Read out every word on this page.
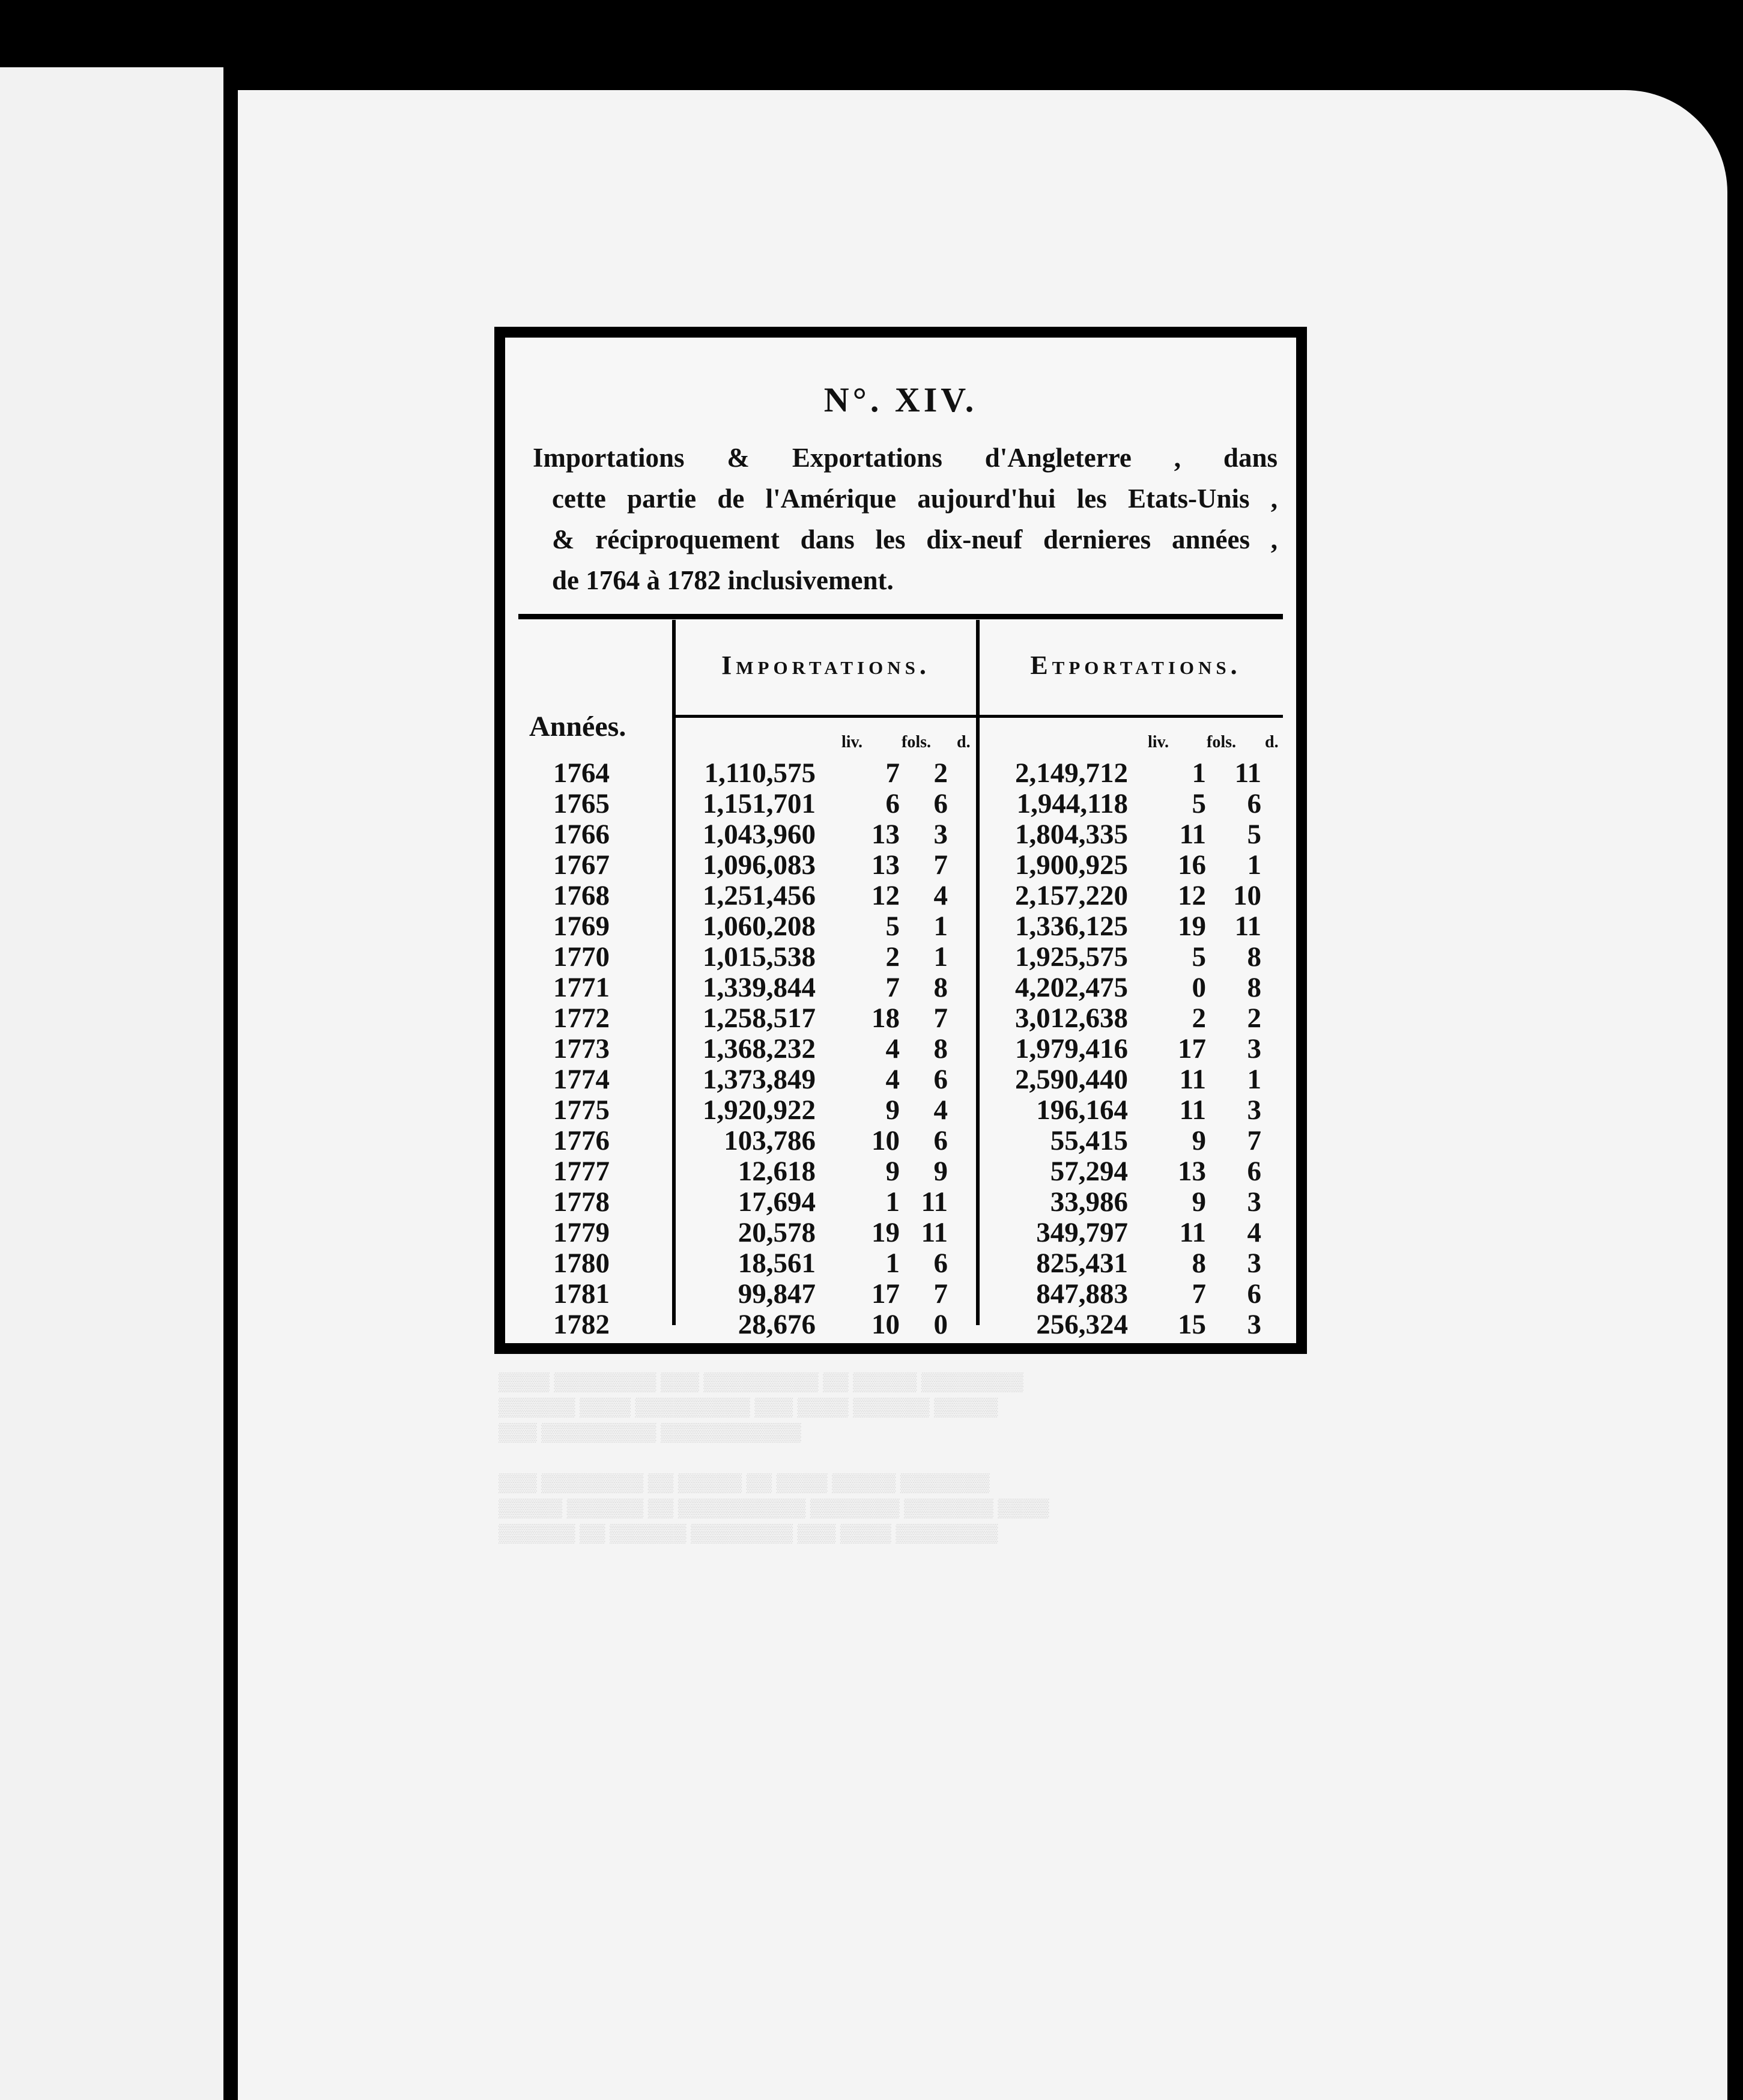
▒▒▒▒ ▒▒▒▒▒▒▒▒ ▒▒▒ ▒▒▒▒▒▒▒▒▒ ▒▒ ▒▒▒▒▒ ▒▒▒▒▒▒▒▒
▒▒▒▒▒▒ ▒▒▒▒ ▒▒▒▒▒▒▒▒▒ ▒▒▒ ▒▒▒▒ ▒▒▒▒▒▒ ▒▒▒▒▒
▒▒▒ ▒▒▒▒▒▒▒▒▒ ▒▒▒▒▒▒▒▒▒▒▒

▒▒▒ ▒▒▒▒▒▒▒▒ ▒▒ ▒▒▒▒▒ ▒▒ ▒▒▒▒ ▒▒▒▒▒ ▒▒▒▒▒▒▒
▒▒▒▒▒ ▒▒▒▒▒▒ ▒▒ ▒▒▒▒▒▒▒▒▒▒ ▒▒▒▒▒▒▒ ▒▒▒▒▒▒▒ ▒▒▒▒
▒▒▒▒▒▒ ▒▒ ▒▒▒▒▒▒ ▒▒▒▒▒▒▒▒ ▒▒▒ ▒▒▒▒ ▒▒▒▒▒▒▒▒
N°. XIV.
Importations & Exportations d'Angleterre , dans
cette partie de l'Amérique aujourd'hui les Etats-Unis ,
& réciproquement dans les dix-neuf dernieres années ,
de 1764 à 1782 inclusivement.
Importations.	Etportations.
Années.	liv. fols. d.	liv. fols. d.
1764	1,110,575 7 2 2,149,712 1 11
1765	1,151,701 6 6 1,944,118 5 6
1766	1,043,960 13 3 1,804,335 11 5
1767	1,096,083 13 7 1,900,925 16 1
1768	1,251,456 12 4 2,157,220 12 10
1769	1,060,208 5 1 1,336,125 19 11
1770	1,015,538 2 1 1,925,575 5 8
1771	1,339,844 7 8 4,202,475 0 8
1772	1,258,517 18 7 3,012,638 2 2
1773	1,368,232 4 8 1,979,416 17 3
1774	1,373,849 4 6 2,590,440 11 1
1775	1,920,922 9 4	196,164 11 3
1776	103,786 10 6	55,415 9 7
1777	12,618 9 9	57,294 13 6
1778	17,694 1 11	33,986 9 3
1779	20,578 19 11	349,797 11 4
1780	18,561 1 6	825,431 8 3
1781	99,847 17 7	847,883 7 6
1782	28,676 10 0	256,324 15 3
